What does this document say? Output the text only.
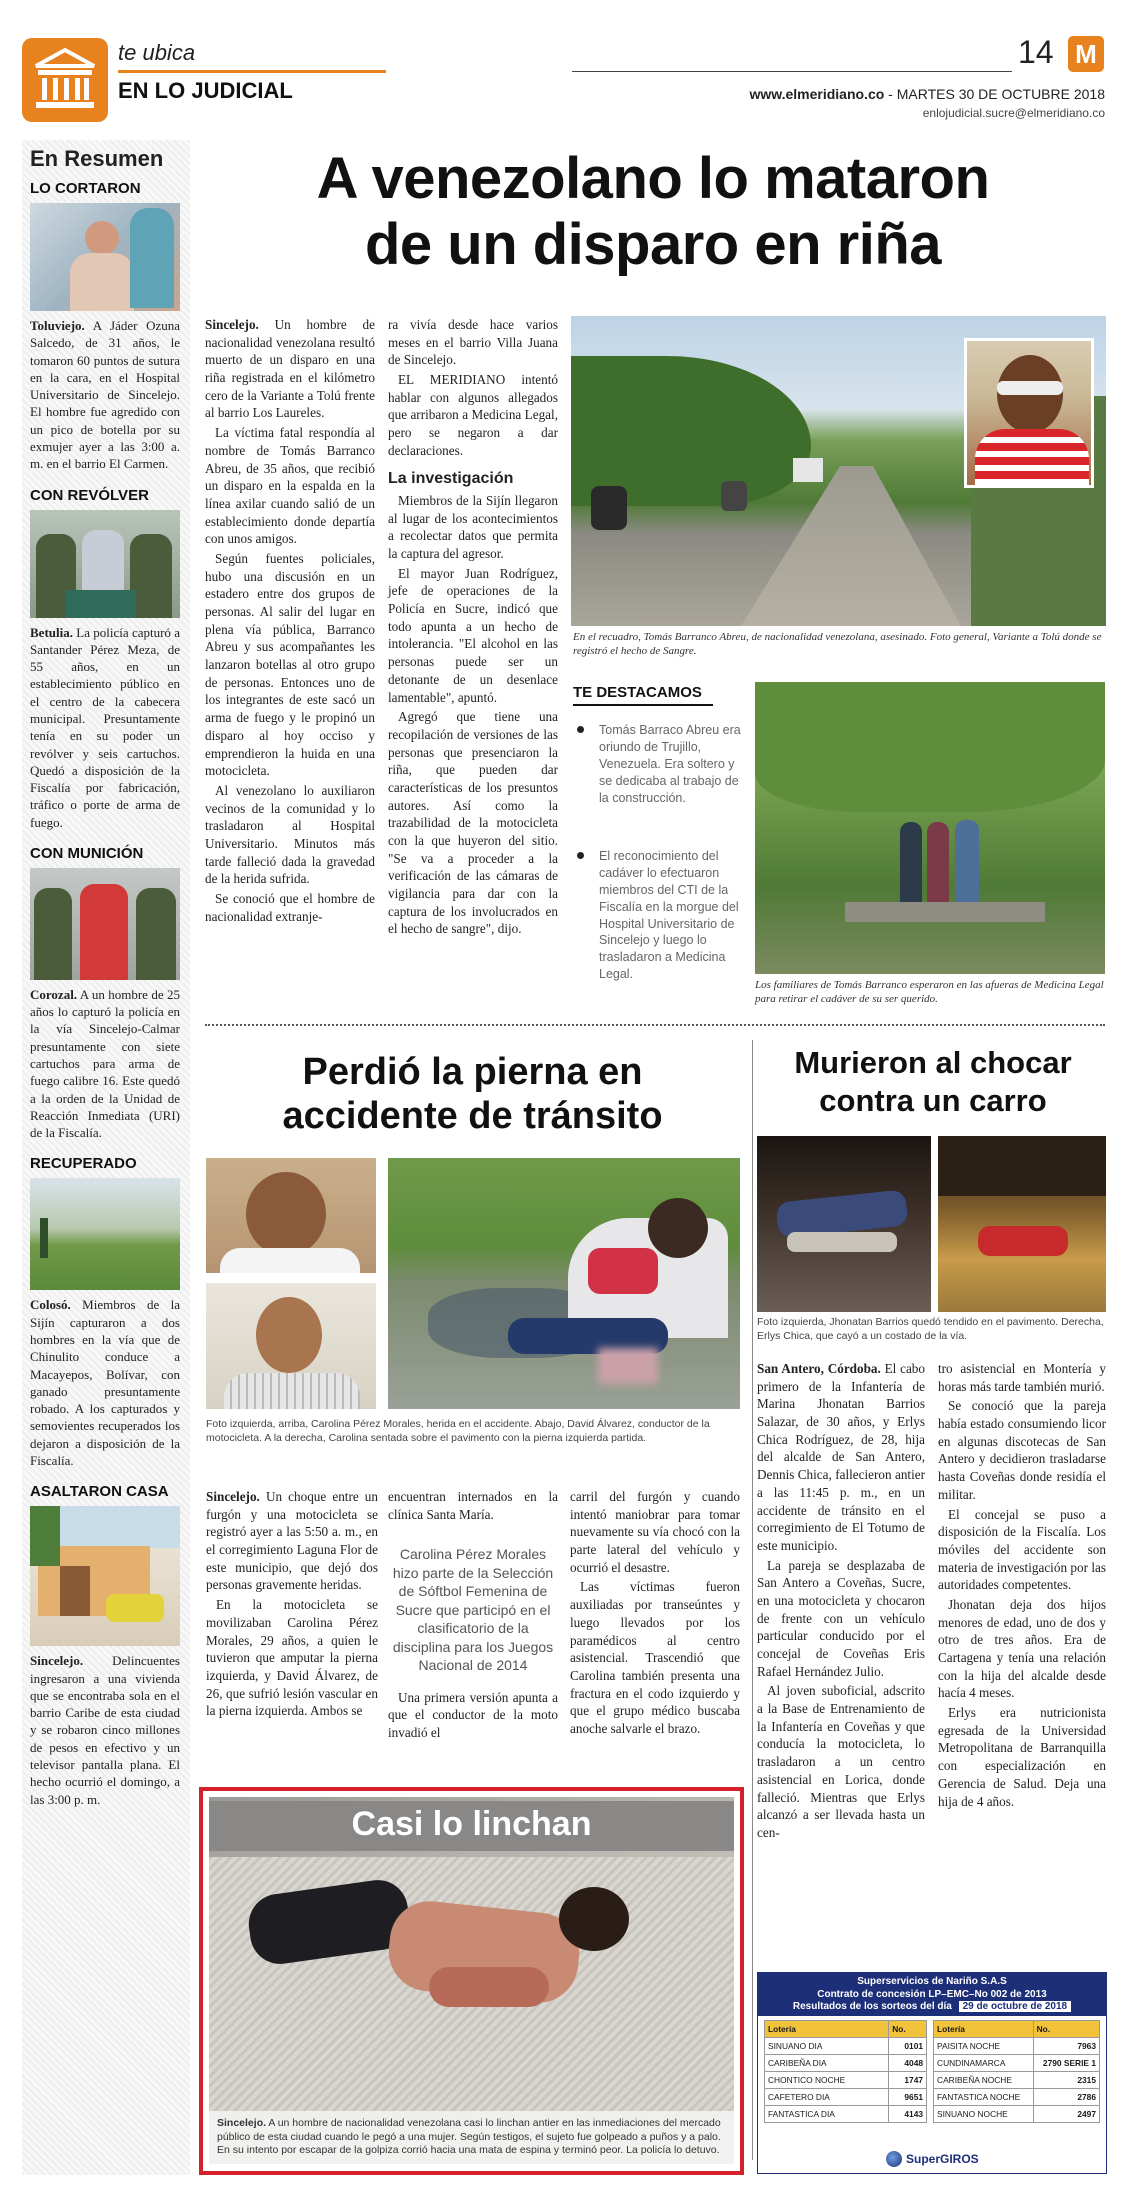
te ubica
EN LO JUDICIAL
14 M
www.elmeridiano.co - MARTES 30 DE OCTUBRE 2018
enlojudicial.sucre@elmeridiano.co
En Resumen
LO CORTARON
Toluviejo. A Jáder Ozuna Salcedo, de 31 años, le tomaron 60 puntos de sutura en la cara, en el Hospital Universitario de Sincelejo. El hombre fue agredido con un pico de botella por su exmujer ayer a las 3:00 a. m. en el barrio El Carmen.
CON REVÓLVER
Betulia. La policía capturó a Santander Pérez Meza, de 55 años, en un establecimiento público en el centro de la cabecera municipal. Presuntamente tenía en su poder un revólver y seis cartuchos. Quedó a disposición de la Fiscalía por fabricación, tráfico o porte de arma de fuego.
CON MUNICIÓN
Corozal. A un hombre de 25 años lo capturó la policía en la vía Sincelejo-Calmar presuntamente con siete cartuchos para arma de fuego calibre 16. Este quedó a la orden de la Unidad de Reacción Inmediata (URI) de la Fiscalía.
RECUPERADO
Colosó. Miembros de la Sijín capturaron a dos hombres en la vía que de Chinulito conduce a Macayepos, Bolívar, con ganado presuntamente robado. A los capturados y semovientes recuperados los dejaron a disposición de la Fiscalía.
ASALTARON CASA
Sincelejo. Delincuentes ingresaron a una vivienda que se encontraba sola en el barrio Caribe de esta ciudad y se robaron cinco millones de pesos en efectivo y un televisor pantalla plana. El hecho ocurrió el domingo, a las 3:00 p. m.
A venezolano lo mataron
de un disparo en riña

Sincelejo. Un hombre de nacionalidad venezolana resultó muerto de un disparo en una riña registrada en el kilómetro cero de la Variante a Tolú frente al barrio Los Laureles.

La víctima fatal respondía al nombre de Tomás Barranco Abreu, de 35 años, que recibió un disparo en la espalda en la línea axilar cuando salió de un establecimiento donde departía con unos amigos.

Según fuentes policiales, hubo una discusión en un estadero entre dos grupos de personas. Al salir del lugar en plena vía pública, Barranco Abreu y sus acompañantes les lanzaron botellas al otro grupo de personas. Entonces uno de los integrantes de este sacó un arma de fuego y le propinó un disparo al hoy occiso y emprendieron la huida en una motocicleta.

Al venezolano lo auxiliaron vecinos de la comunidad y lo trasladaron al Hospital Universitario. Minutos más tarde falleció dada la gravedad de la herida sufrida.

Se conoció que el hombre de nacionalidad extranje-

ra vivía desde hace varios meses en el barrio Villa Juana de Sincelejo.

EL MERIDIANO intentó hablar con algunos allegados que arribaron a Medicina Legal, pero se negaron a dar declaraciones.

La investigación

Miembros de la Sijín llegaron al lugar de los acontecimientos a recolectar datos que permita la captura del agresor.

El mayor Juan Rodríguez, jefe de operaciones de la Policía en Sucre, indicó que todo apunta a un hecho de intolerancia. "El alcohol en las personas puede ser un detonante de un desenlace lamentable", apuntó.

Agregó que tiene una recopilación de versiones de las personas que presenciaron la riña, que pueden dar características de los presuntos autores. Así como la trazabilidad de la motocicleta con la que huyeron del sitio. "Se va a proceder a la verificación de las cámaras de vigilancia para dar con la captura de los involucrados en el hecho de sangre", dijo.

En el recuadro, Tomás Barranco Abreu, de nacionalidad venezolana, asesinado. Foto general, Variante a Tolú donde se registró el hecho de Sangre.
TE DESTACAMOS
Tomás Barraco Abreu era oriundo de Trujillo, Venezuela. Era soltero y se dedicaba al trabajo de la construcción.
El reconocimiento del cadáver lo efectuaron miembros del CTI de la Fiscalía en la morgue del Hospital Universitario de Sincelejo y luego lo trasladaron a Medicina Legal.
Los familiares de Tomás Barranco esperaron en las afueras de Medicina Legal para retirar el cadáver de su ser querido.
Perdió la pierna en
accidente de tránsito
Foto izquierda, arriba, Carolina Pérez Morales, herida en el accidente. Abajo, David Álvarez, conductor de la motocicleta. A la derecha, Carolina sentada sobre el pavimento con la pierna izquierda partida.

Sincelejo. Un choque entre un furgón y una motocicleta se registró ayer a las 5:50 a. m., en el corregimiento Laguna Flor de este municipio, que dejó dos personas gravemente heridas.

En la motocicleta se movilizaban Carolina Pérez Morales, 29 años, a quien le tuvieron que amputar la pierna izquierda, y David Álvarez, de 26, que sufrió lesión vascular en la pierna izquierda. Ambos se

encuentran internados en la clínica Santa María.

Carolina Pérez Morales hizo parte de la Selección de Sóftbol Femenina de Sucre que participó en el clasificatorio de la disciplina para los Juegos Nacional de 2014

Una primera versión apunta a que el conductor de la moto invadió el

carril del furgón y cuando intentó maniobrar para tomar nuevamente su vía chocó con la parte lateral del vehículo y ocurrió el desastre.

Las víctimas fueron auxiliadas por transeúntes y luego llevados por los paramédicos al centro asistencial. Trascendió que Carolina también presenta una fractura en el codo izquierdo y que el grupo médico buscaba anoche salvarle el brazo.

Casi lo linchan
Sincelejo. A un hombre de nacionalidad venezolana casi lo linchan antier en las inmediaciones del mercado público de esta ciudad cuando le pegó a una mujer. Según testigos, el sujeto fue golpeado a puños y a palo. En su intento por escapar de la golpiza corrió hacia una mata de espina y terminó peor. La policía lo detuvo.
Murieron al chocar
contra un carro
Foto izquierda, Jhonatan Barrios quedó tendido en el pavimento. Derecha, Erlys Chica, que cayó a un costado de la vía.

San Antero, Córdoba. El cabo primero de la Infantería de Marina Jhonatan Barrios Salazar, de 30 años, y Erlys Chica Rodríguez, de 28, hija del alcalde de San Antero, Dennis Chica, fallecieron antier a las 11:45 p. m., en un accidente de tránsito en el corregimiento de El Totumo de este municipio.

La pareja se desplazaba de San Antero a Coveñas, Sucre, en una motocicleta y chocaron de frente con un vehículo particular conducido por el concejal de Coveñas Eris Rafael Hernández Julio.

Al joven suboficial, adscrito a la Base de Entrenamiento de la Infantería en Coveñas y que conducía la motocicleta, lo trasladaron a un centro asistencial en Lorica, donde falleció. Mientras que Erlys alcanzó a ser llevada hasta un cen-

tro asistencial en Montería y horas más tarde también murió.

Se conoció que la pareja había estado consumiendo licor en algunas discotecas de San Antero y decidieron trasladarse hasta Coveñas donde residía el militar.

El concejal se puso a disposición de la Fiscalía. Los móviles del accidente son materia de investigación por las autoridades competentes.

Jhonatan deja dos hijos menores de edad, uno de dos y otro de tres años. Era de Cartagena y tenía una relación con la hija del alcalde desde hacía 4 meses.

Erlys era nutricionista egresada de la Universidad Metropolitana de Barranquilla con especialización en Gerencia de Salud. Deja una hija de 4 años.

Superservicios de Nariño S.A.S
Contrato de concesión LP–EMC–No 002 de 2013
Resultados de los sorteos del día 29 de octubre de 2018
Lotería	No.
SINUANO DIA	0101
CARIBEÑA DIA	4048
CHONTICO NOCHE	1747
CAFETERO DIA	9651
FANTASTICA DIA	4143
Lotería	No.
PAISITA NOCHE	7963
CUNDINAMARCA	2790 SERIE 1
CARIBEÑA NOCHE	2315
FANTASTICA NOCHE	2786
SINUANO NOCHE	2497
SuperGIROS
